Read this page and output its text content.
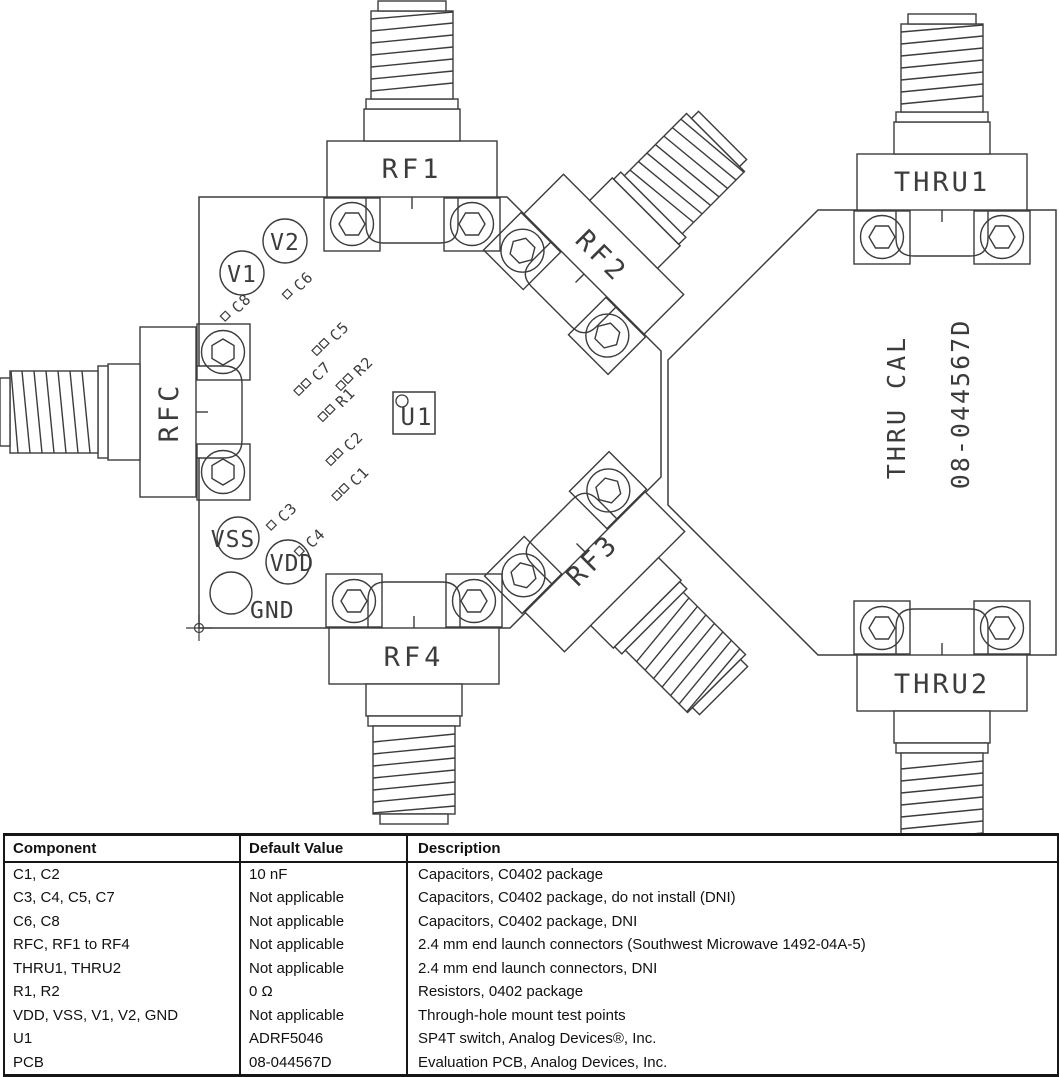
THRU CAL 08-044567D
RFC
RF1
RF2
RF3
RF4
THRU1
THRU2
V1
V2
VSS
VDD
GND
C8
C6
C5
C7 R2
R1
C2
C1
C3
C4
U1
Component	Default Value	Description
C1, C2	10 nF	Capacitors, C0402 package
C3, C4, C5, C7	Not applicable	Capacitors, C0402 package, do not install (DNI)
C6, C8	Not applicable	Capacitors, C0402 package, DNI
RFC, RF1 to RF4	Not applicable	2.4 mm end launch connectors (Southwest Microwave 1492-04A-5)
THRU1, THRU2	Not applicable	2.4 mm end launch connectors, DNI
R1, R2	0 Ω	Resistors, 0402 package
VDD, VSS, V1, V2, GND	Not applicable	Through-hole mount test points
U1	ADRF5046	SP4T switch, Analog Devices®, Inc.
PCB	08-044567D	Evaluation PCB, Analog Devices, Inc.
